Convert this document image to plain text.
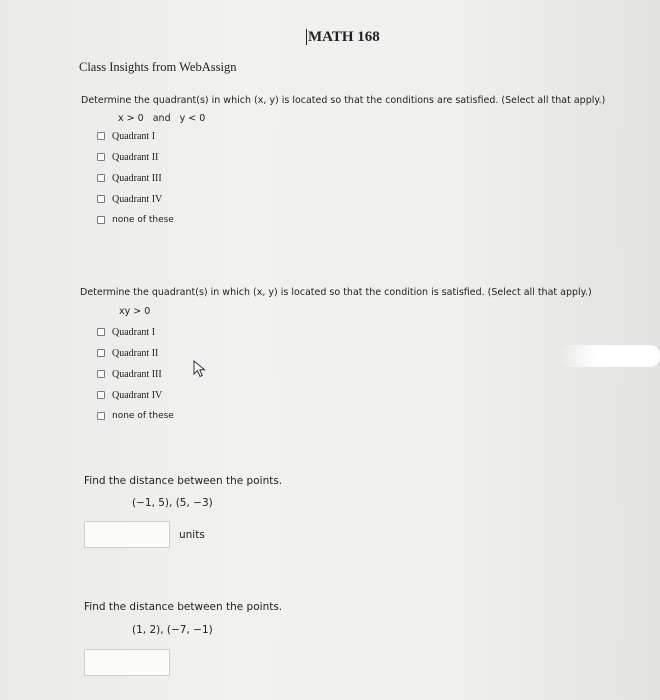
MATH 168
Class Insights from WebAssign
Determine the quadrant(s) in which (x, y) is located so that the conditions are satisfied. (Select all that apply.)
x > 0   and   y < 0
Quadrant I
Quadrant II
Quadrant III
Quadrant IV
none of these
Determine the quadrant(s) in which (x, y) is located so that the condition is satisfied. (Select all that apply.)
xy > 0
Quadrant I
Quadrant II
Quadrant III
Quadrant IV
none of these
Find the distance between the points.
(−1, 5), (5, −3)
units
Find the distance between the points.
(1, 2), (−7, −1)
